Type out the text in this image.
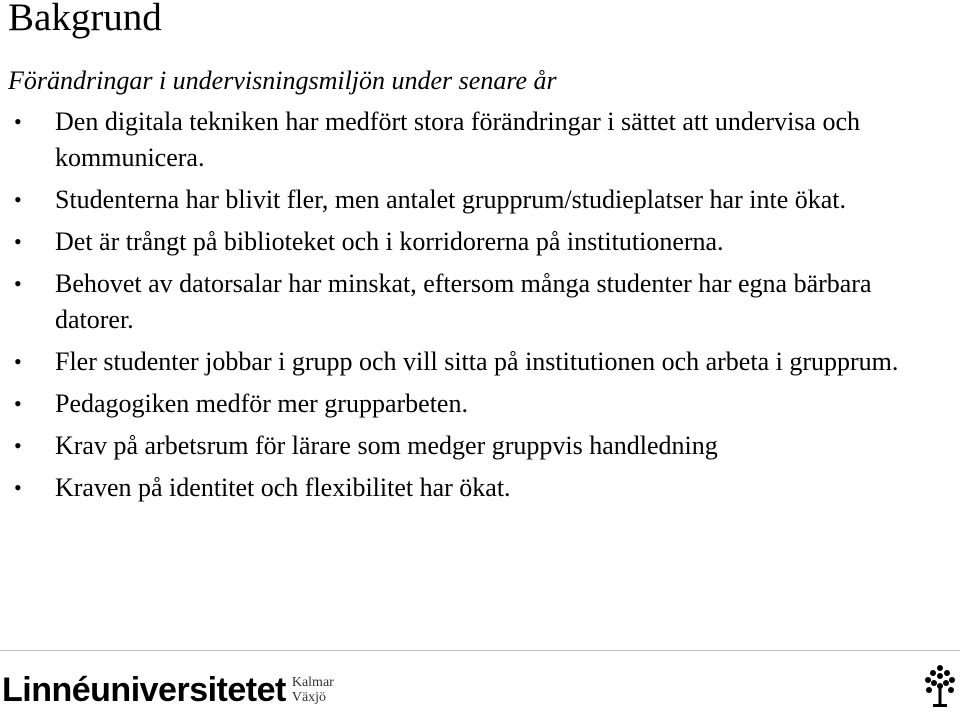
Bakgrund

Förändringar i undervisningsmiljön under senare år

• Den digitala tekniken har medfört stora förändringar i sättet att undervisa och kommunicera.
• Studenterna har blivit fler, men antalet grupprum/studieplatser har inte ökat.
• Det är trångt på biblioteket och i korridorerna på institutionerna.
• Behovet av datorsalar har minskat, eftersom många studenter har egna bärbara datorer.
• Fler studenter jobbar i grupp och vill sitta på institutionen och arbeta i grupprum.
• Pedagogiken medför mer grupparbeten.
• Krav på arbetsrum för lärare som medger gruppvis handledning
• Kraven på identitet och flexibilitet har ökat.
Linnéuniversitetet Kalmar
Växjö
